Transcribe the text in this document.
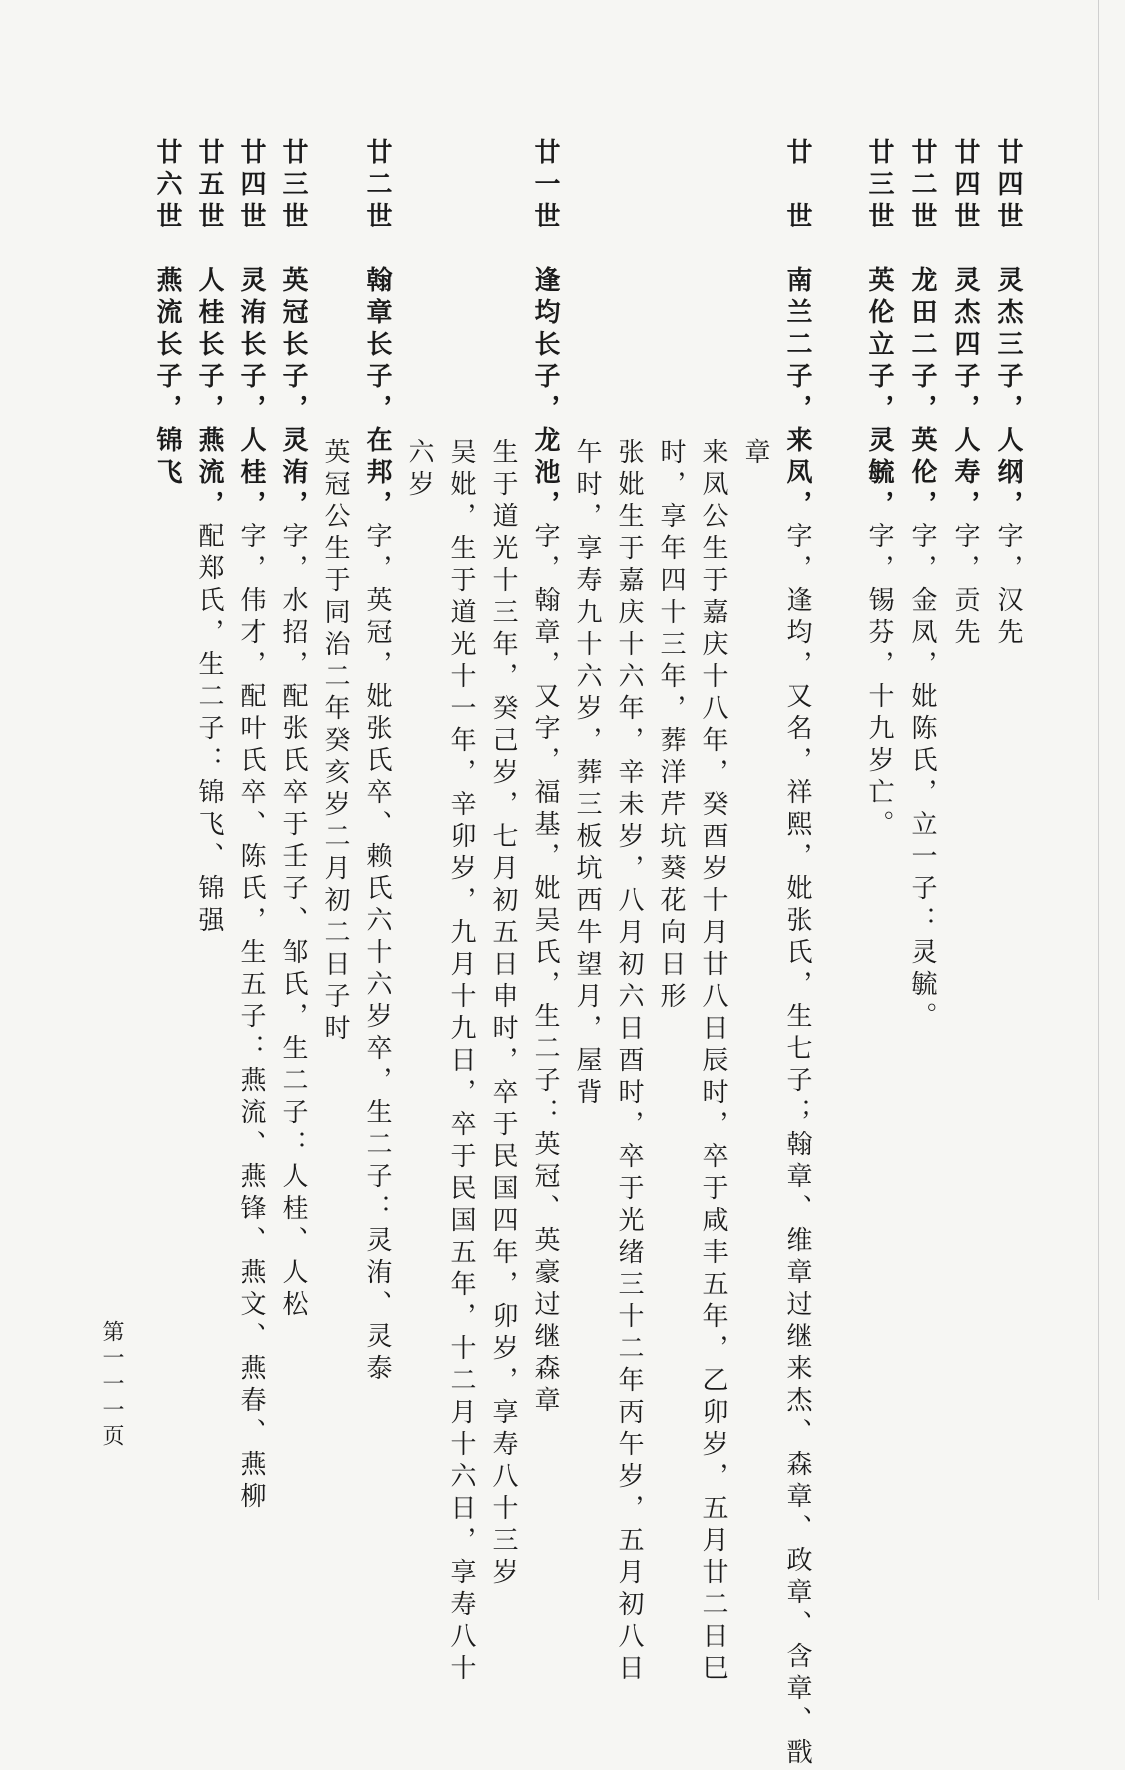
廿四世　灵杰三子，人纲，字，汉先
廿四世　灵杰四子，人寿，字，贡先
廿二世　龙田二子，英伦，字，金凤，妣陈氏，立一子：灵毓。
廿三世　英伦立子，灵毓，字，锡芬，十九岁亡。
廿　世　南兰二子，来凤，字，逢均，又名，祥熙，妣张氏，生七子；翰章、维章过继来杰、森章、政章、含章、戬
章
来凤公生于嘉庆十八年，癸酉岁十月廿八日辰时，卒于咸丰五年，乙卯岁，五月廿二日巳
时，享年四十三年，葬洋芹坑葵花向日形
张妣生于嘉庆十六年，辛未岁，八月初六日酉时，卒于光绪三十二年丙午岁，五月初八日
午时，享寿九十六岁，葬三板坑西牛望月，屋背
廿一世　逢均长子，龙池，字，翰章，又字，福基，妣吴氏，生二子：英冠、英豪过继森章
生于道光十三年，癸己岁，七月初五日申时，卒于民国四年，卯岁，享寿八十三岁
吴妣，生于道光十一年，辛卯岁，九月十九日，卒于民国五年，十二月十六日，享寿八十
六岁
廿二世　翰章长子，在邦，字，英冠，妣张氏卒、赖氏六十六岁卒，生二子：灵洧、灵泰
英冠公生于同治二年癸亥岁二月初二日子时
廿三世　英冠长子，灵洧，字，水招，配张氏卒于壬子、邹氏，生二子：人桂、人松
廿四世　灵洧长子，人桂，字，伟才，配叶氏卒、陈氏，生五子：燕流、燕锋、燕文、燕春、燕柳
廿五世　人桂长子，燕流，配郑氏，生二子：锦飞、锦强
廿六世　燕流长子，锦飞
第一一一页
